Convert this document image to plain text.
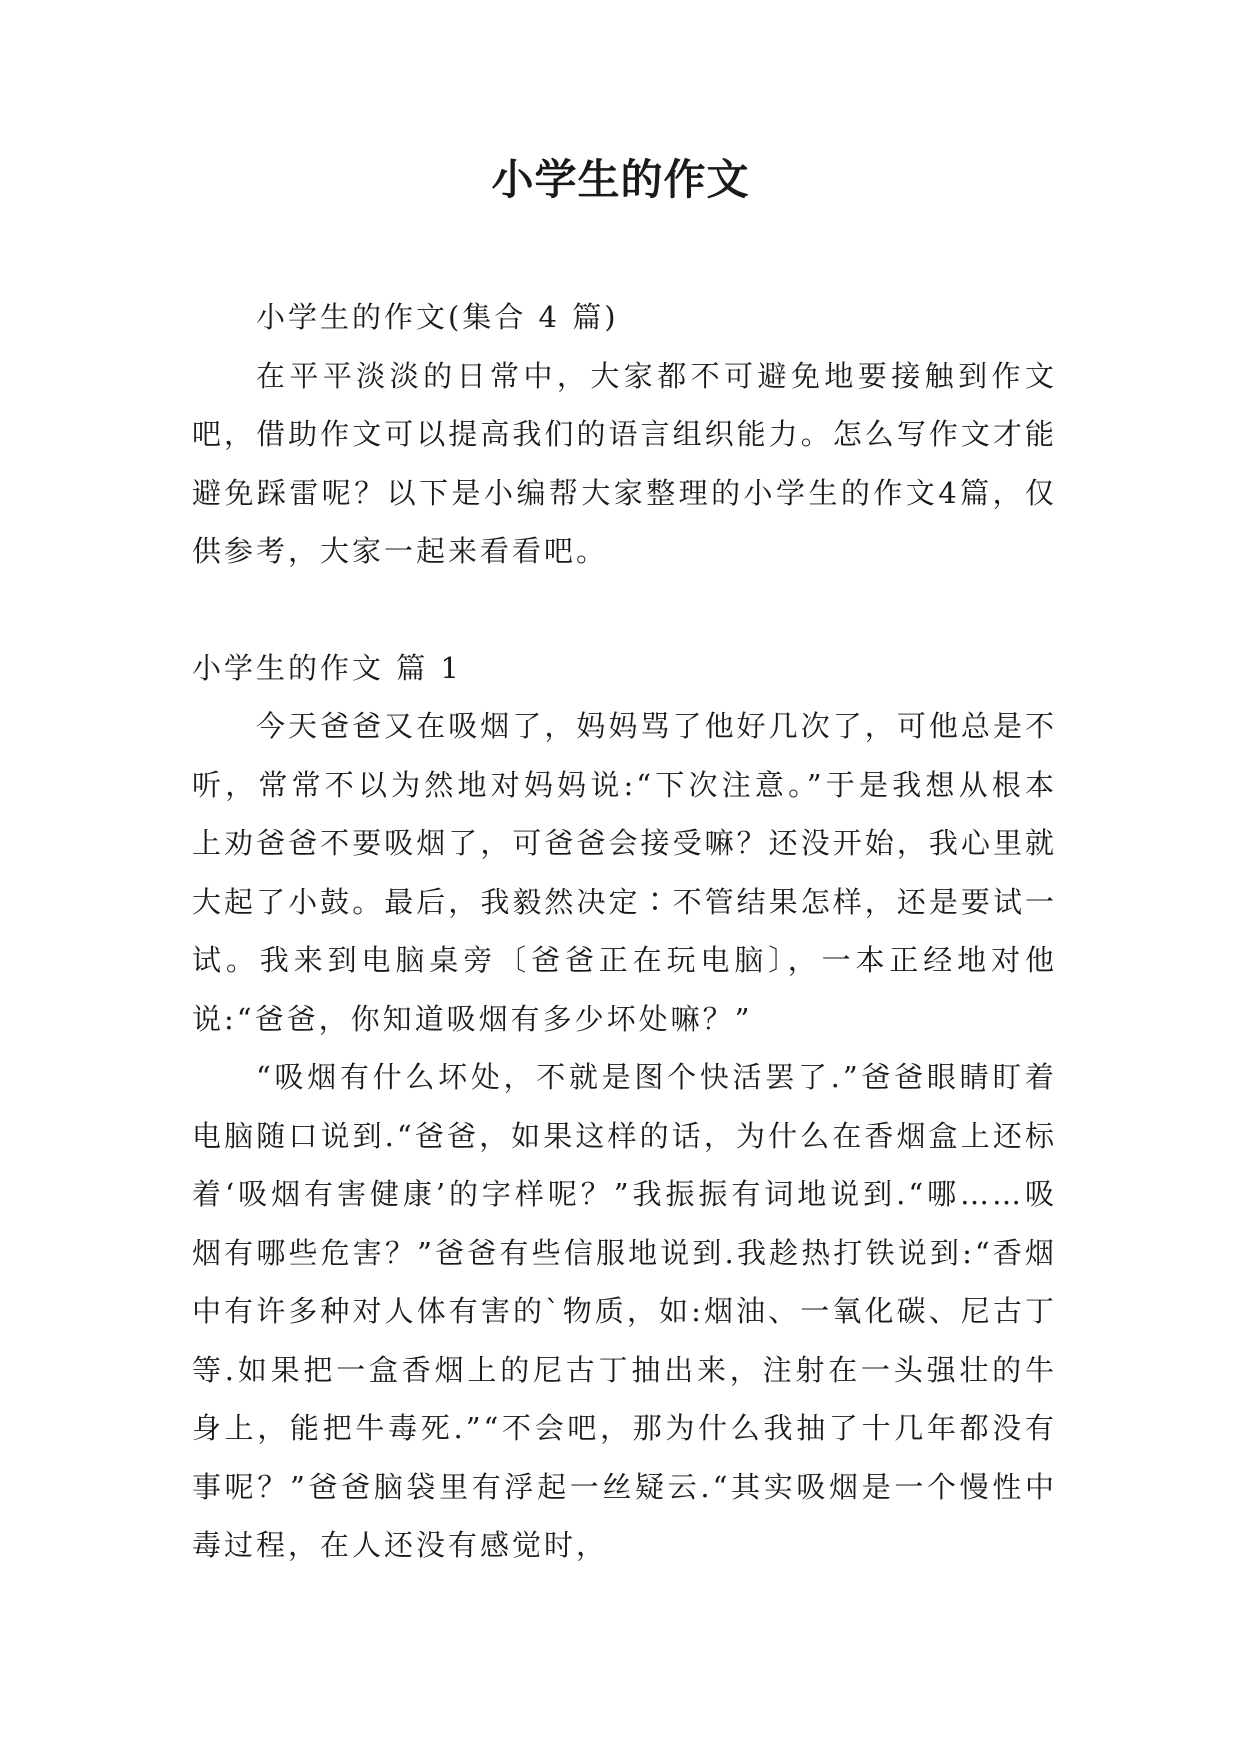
小学生的作文

小学生的作文(集合 4 篇)

在平平淡淡的日常中，大家都不可避免地要接触到作文吧，借助作文可以提高我们的语言组织能力。怎么写作文才能避免踩雷呢？以下是小编帮大家整理的小学生的作文4篇，仅供参考，大家一起来看看吧。

小学生的作文 篇 1

今天爸爸又在吸烟了，妈妈骂了他好几次了，可他总是不听，常常不以为然地对妈妈说:“下次注意。”于是我想从根本上劝爸爸不要吸烟了，可爸爸会接受嘛？还没开始，我心里就大起了小鼓。最后，我毅然决定∶不管结果怎样，还是要试一试。我来到电脑桌旁〔爸爸正在玩电脑〕，一本正经地对他说:“爸爸，你知道吸烟有多少坏处嘛？”

“吸烟有什么坏处，不就是图个快活罢了.”爸爸眼睛盯着电脑随口说到.“爸爸，如果这样的话，为什么在香烟盒上还标着‘吸烟有害健康’的字样呢？”我振振有词地说到.“哪……吸烟有哪些危害？”爸爸有些信服地说到.我趁热打铁说到:“香烟中有许多种对人体有害的`物质，如:烟油、一氧化碳、尼古丁等.如果把一盒香烟上的尼古丁抽出来，注射在一头强壮的牛身上，能把牛毒死.”“不会吧，那为什么我抽了十几年都没有事呢？”爸爸脑袋里有浮起一丝疑云.“其实吸烟是一个慢性中毒过程，在人还没有感觉时，
